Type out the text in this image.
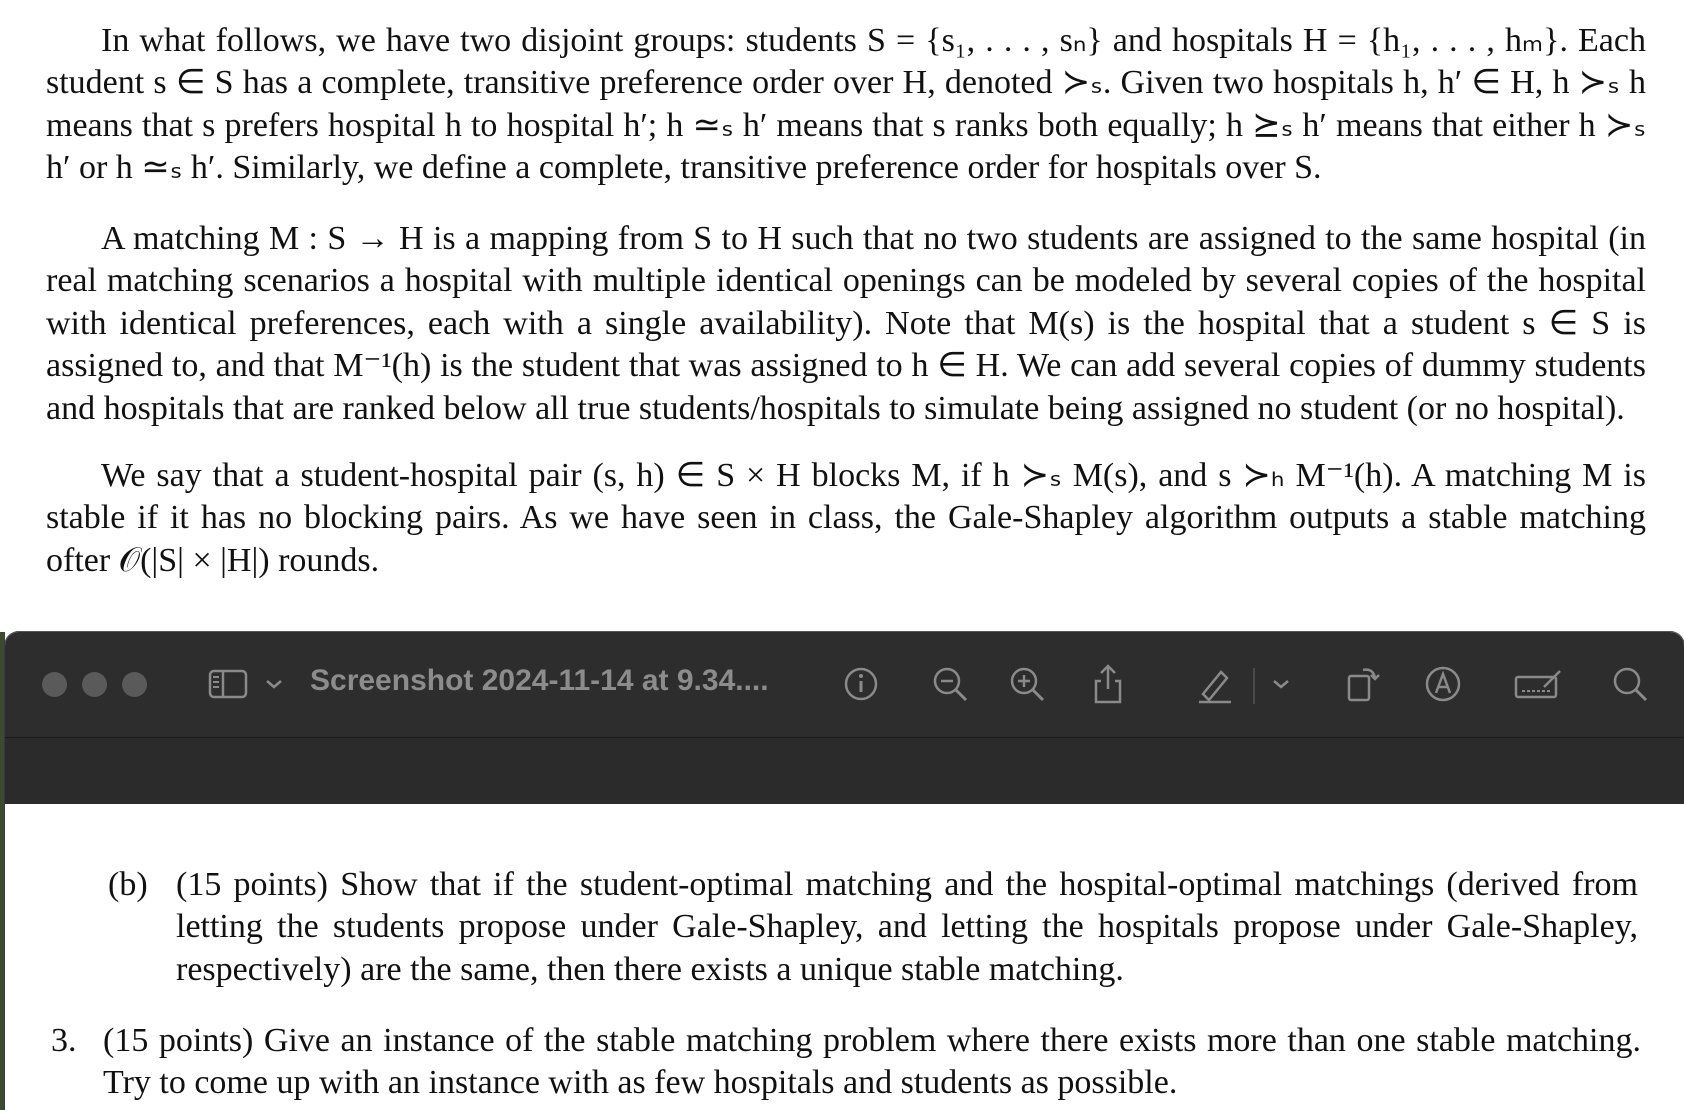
In what follows, we have two disjoint groups: students S = {s₁, . . . , sₙ} and hospitals H = {h₁, . . . , hₘ}. Each student s ∈ S has a complete, transitive preference order over H, denoted ≻ₛ. Given two hospitals h, h′ ∈ H, h ≻ₛ h means that s prefers hospital h to hospital h′; h ≃ₛ h′ means that s ranks both equally; h ⪰ₛ h′ means that either h ≻ₛ h′ or h ≃ₛ h′. Similarly, we define a complete, transitive preference order for hospitals over S.

A matching M : S → H is a mapping from S to H such that no two students are assigned to the same hospital (in real matching scenarios a hospital with multiple identical openings can be modeled by several copies of the hospital with identical preferences, each with a single availability). Note that M(s) is the hospital that a student s ∈ S is assigned to, and that M⁻¹(h) is the student that was assigned to h ∈ H. We can add several copies of dummy students and hospitals that are ranked below all true students/hospitals to simulate being assigned no student (or no hospital).

We say that a student-hospital pair (s, h) ∈ S × H blocks M, if h ≻ₛ M(s), and s ≻ₕ M⁻¹(h). A matching M is stable if it has no blocking pairs. As we have seen in class, the Gale-Shapley algorithm outputs a stable matching ofter 𝒪(|S| × |H|) rounds.

Screenshot 2024-11-14 at 9.34....
(b) (15 points) Show that if the student-optimal matching and the hospital-optimal matchings (derived from letting the students propose under Gale-Shapley, and letting the hospitals propose under Gale-Shapley, respectively) are the same, then there exists a unique stable matching.
3. (15 points) Give an instance of the stable matching problem where there exists more than one stable matching. Try to come up with an instance with as few hospitals and students as possible.
